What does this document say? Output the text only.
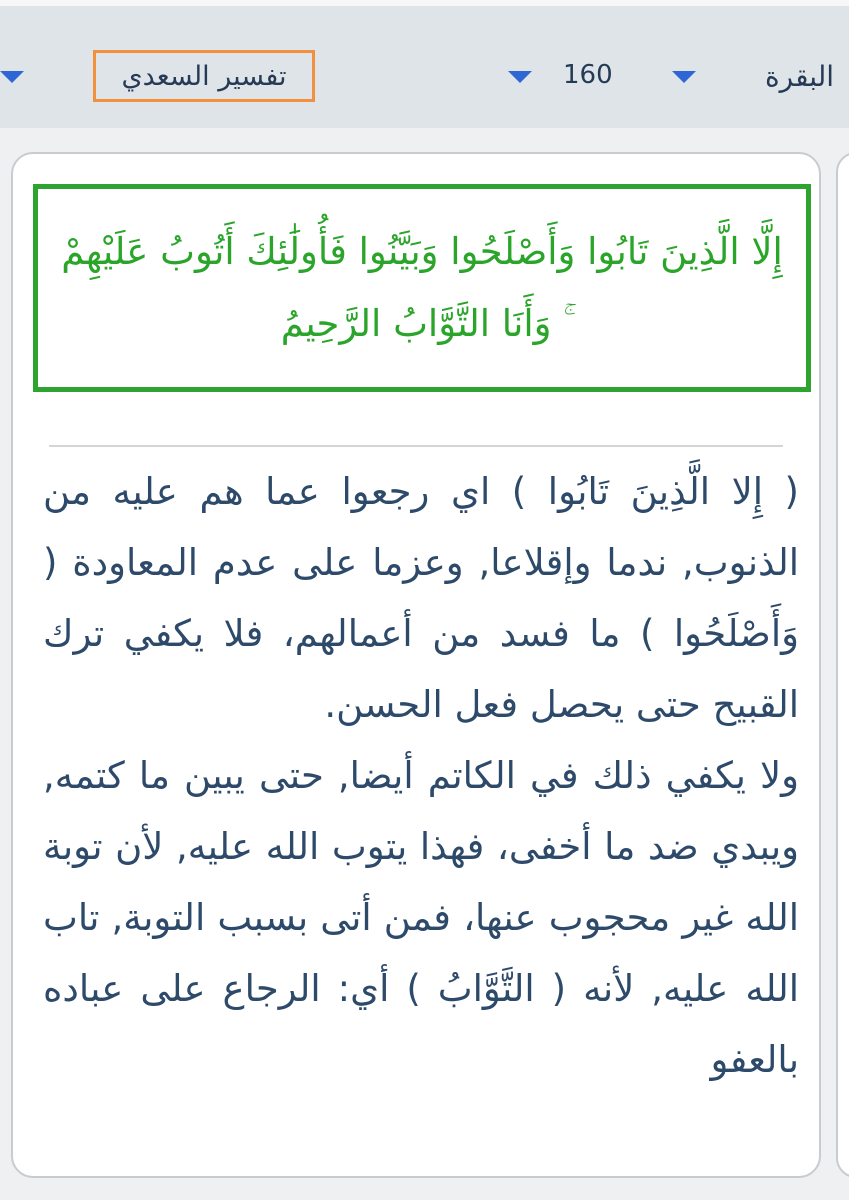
البقرة
160
تفسير السعدي
إِلَّا الَّذِينَ تَابُوا وَأَصْلَحُوا وَبَيَّنُوا فَأُولَٰئِكَ أَتُوبُ عَلَيْهِمْ ۚ وَأَنَا التَّوَّابُ الرَّحِيمُ

( إِلا الَّذِينَ تَابُوا ) اي رجعوا عما هم عليه من الذنوب, ندما وإقلاعا, وعزما على عدم المعاودة ( وَأَصْلَحُوا ) ما فسد من أعمالهم، فلا يكفي ترك القبيح حتى يحصل فعل الحسن.

ولا يكفي ذلك في الكاتم أيضا, حتى يبين ما كتمه, ويبدي ضد ما أخفى، فهذا يتوب الله عليه, لأن توبة الله غير محجوب عنها، فمن أتى بسبب التوبة, تاب الله عليه, لأنه ( التَّوَّابُ ) أي: الرجاع على عباده بالعفو
